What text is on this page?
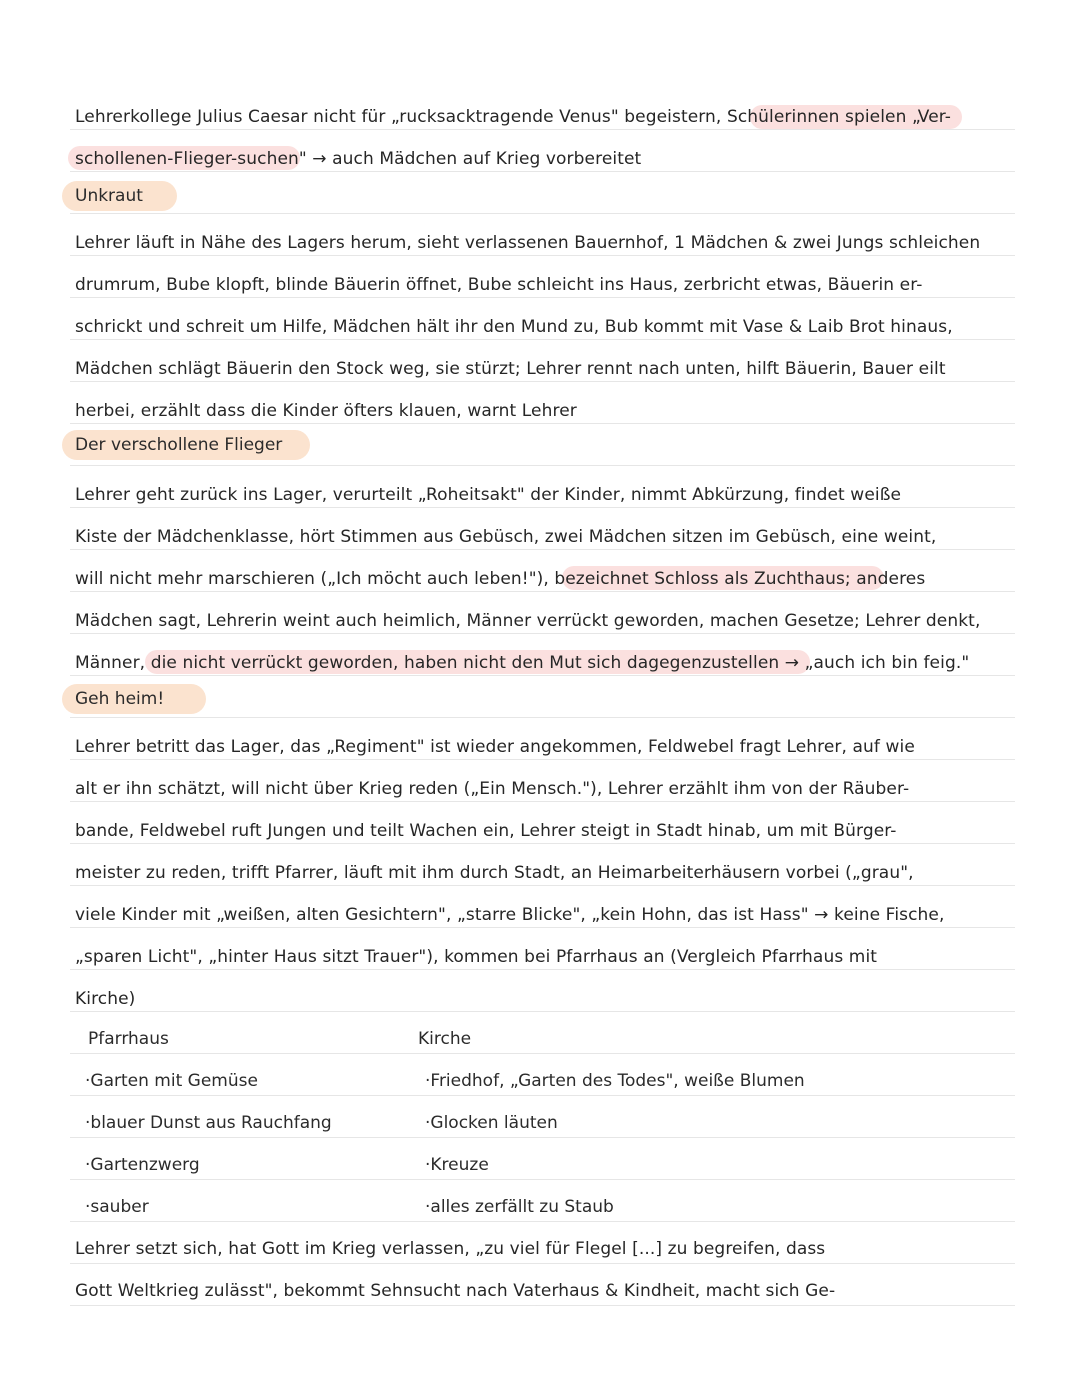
Lehrerkollege Julius Caesar nicht für „rucksacktragende Venus" begeistern, Schülerinnen spielen „Ver-
schollenen-Flieger-suchen" → auch Mädchen auf Krieg vorbereitet
Unkraut
Lehrer läuft in Nähe des Lagers herum, sieht verlassenen Bauernhof, 1 Mädchen & zwei Jungs schleichen
drumrum, Bube klopft, blinde Bäuerin öffnet, Bube schleicht ins Haus, zerbricht etwas, Bäuerin er-
schrickt und schreit um Hilfe, Mädchen hält ihr den Mund zu, Bub kommt mit Vase & Laib Brot hinaus,
Mädchen schlägt Bäuerin den Stock weg, sie stürzt; Lehrer rennt nach unten, hilft Bäuerin, Bauer eilt
herbei, erzählt dass die Kinder öfters klauen, warnt Lehrer
Der verschollene Flieger
Lehrer geht zurück ins Lager, verurteilt „Roheitsakt" der Kinder, nimmt Abkürzung, findet weiße
Kiste der Mädchenklasse, hört Stimmen aus Gebüsch, zwei Mädchen sitzen im Gebüsch, eine weint,
will nicht mehr marschieren („Ich möcht auch leben!"), bezeichnet Schloss als Zuchthaus; anderes
Mädchen sagt, Lehrerin weint auch heimlich, Männer verrückt geworden, machen Gesetze; Lehrer denkt,
Männer, die nicht verrückt geworden, haben nicht den Mut sich dagegenzustellen → „auch ich bin feig."
Geh heim!
Lehrer betritt das Lager, das „Regiment" ist wieder angekommen, Feldwebel fragt Lehrer, auf wie
alt er ihn schätzt, will nicht über Krieg reden („Ein Mensch."), Lehrer erzählt ihm von der Räuber-
bande, Feldwebel ruft Jungen und teilt Wachen ein, Lehrer steigt in Stadt hinab, um mit Bürger-
meister zu reden, trifft Pfarrer, läuft mit ihm durch Stadt, an Heimarbeiterhäusern vorbei („grau",
viele Kinder mit „weißen, alten Gesichtern", „starre Blicke", „kein Hohn, das ist Hass" → keine Fische,
„sparen Licht", „hinter Haus sitzt Trauer"), kommen bei Pfarrhaus an (Vergleich Pfarrhaus mit
Kirche)
Pfarrhaus	Kirche
·Garten mit Gemüse
·blauer Dunst aus Rauchfang
·Gartenzwerg
·sauber
·Friedhof, „Garten des Todes", weiße Blumen
·Glocken läuten
·Kreuze
·alles zerfällt zu Staub
Lehrer setzt sich, hat Gott im Krieg verlassen, „zu viel für Flegel [...] zu begreifen, dass
Gott Weltkrieg zulässt", bekommt Sehnsucht nach Vaterhaus & Kindheit, macht sich Ge-
